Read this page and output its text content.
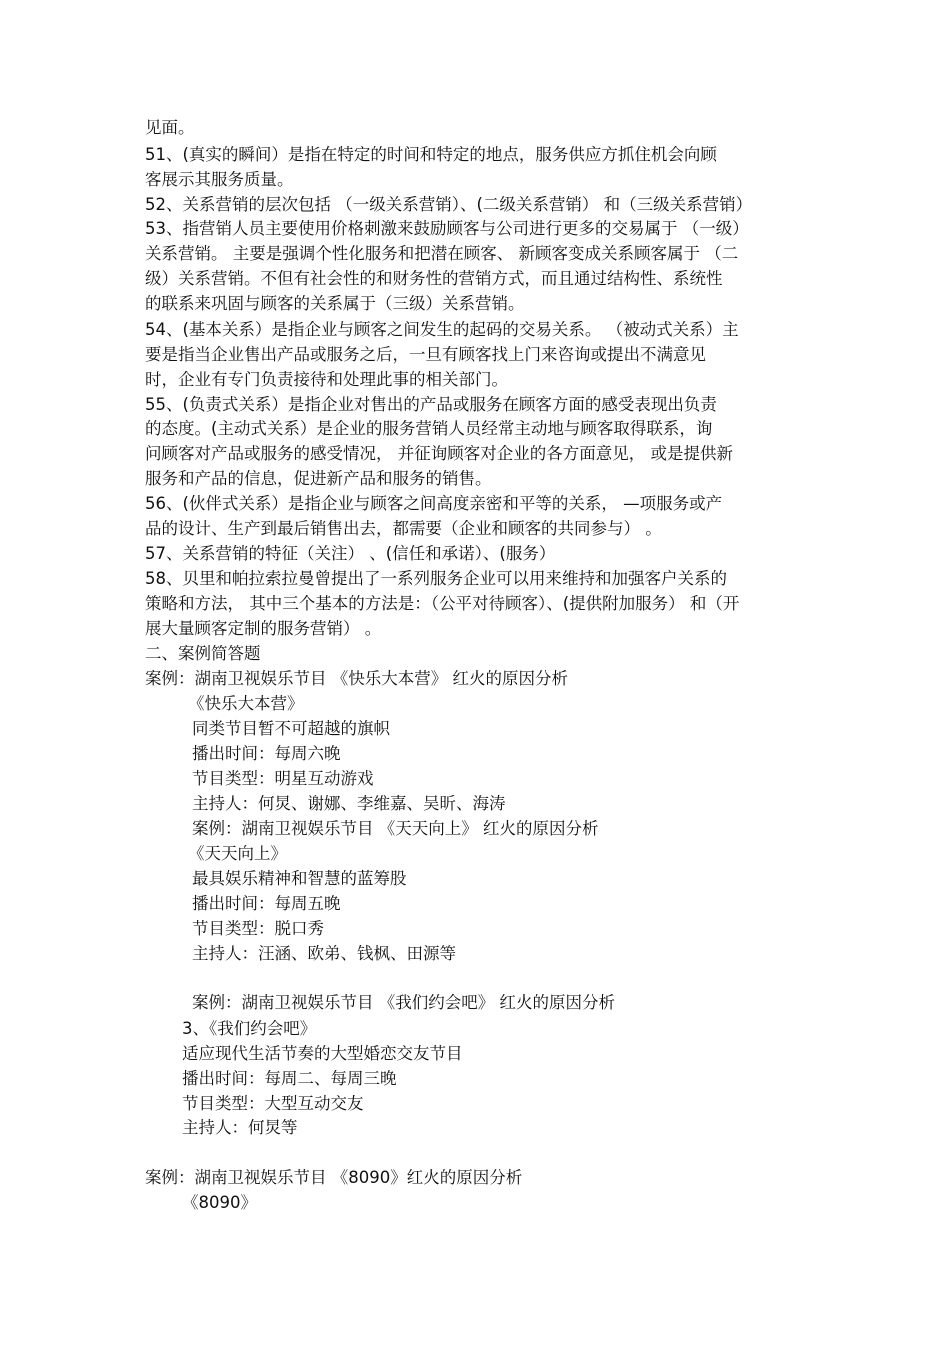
见面。
51、(真实的瞬间）是指在特定的时间和特定的地点，服务供应方抓住机会向顾
客展示其服务质量。
52、关系营销的层次包括 （一级关系营销）、(二级关系营销） 和（三级关系营销）
53、指营销人员主要使用价格刺激来鼓励顾客与公司进行更多的交易属于 （一级）
关系营销。 主要是强调个性化服务和把潜在顾客、 新顾客变成关系顾客属于 （二
级）关系营销。不但有社会性的和财务性的营销方式，而且通过结构性、系统性
的联系来巩固与顾客的关系属于（三级）关系营销。
54、(基本关系）是指企业与顾客之间发生的起码的交易关系。 （被动式关系）主
要是指当企业售出产品或服务之后，一旦有顾客找上门来咨询或提出不满意见
时，企业有专门负责接待和处理此事的相关部门。
55、(负责式关系）是指企业对售出的产品或服务在顾客方面的感受表现出负责
的态度。(主动式关系）是企业的服务营销人员经常主动地与顾客取得联系，询
问顾客对产品或服务的感受情况， 并征询顾客对企业的各方面意见， 或是提供新
服务和产品的信息，促进新产品和服务的销售。
56、(伙伴式关系）是指企业与顾客之间高度亲密和平等的关系， —项服务或产
品的设计、生产到最后销售出去，都需要（企业和顾客的共同参与） 。
57、关系营销的特征（关注） 、(信任和承诺）、(服务）
58、贝里和帕拉索拉曼曾提出了一系列服务企业可以用来维持和加强客户关系的
策略和方法， 其中三个基本的方法是：（公平对待顾客）、(提供附加服务） 和（开
展大量顾客定制的服务营销） 。
二、案例简答题
案例：湖南卫视娱乐节目 《快乐大本营》 红火的原因分析
《快乐大本营》
同类节目暂不可超越的旗帜
播出时间：每周六晚
节目类型：明星互动游戏
主持人：何炅、谢娜、李维嘉、吴昕、海涛
案例：湖南卫视娱乐节目 《天天向上》 红火的原因分析
《天天向上》
最具娱乐精神和智慧的蓝筹股
播出时间：每周五晚
节目类型：脱口秀
主持人：汪涵、欧弟、钱枫、田源等
案例：湖南卫视娱乐节目 《我们约会吧》 红火的原因分析
3、《我们约会吧》
适应现代生活节奏的大型婚恋交友节目
播出时间：每周二、每周三晚
节目类型：大型互动交友
主持人：何炅等
案例：湖南卫视娱乐节目 《8090》红火的原因分析
《8090》
